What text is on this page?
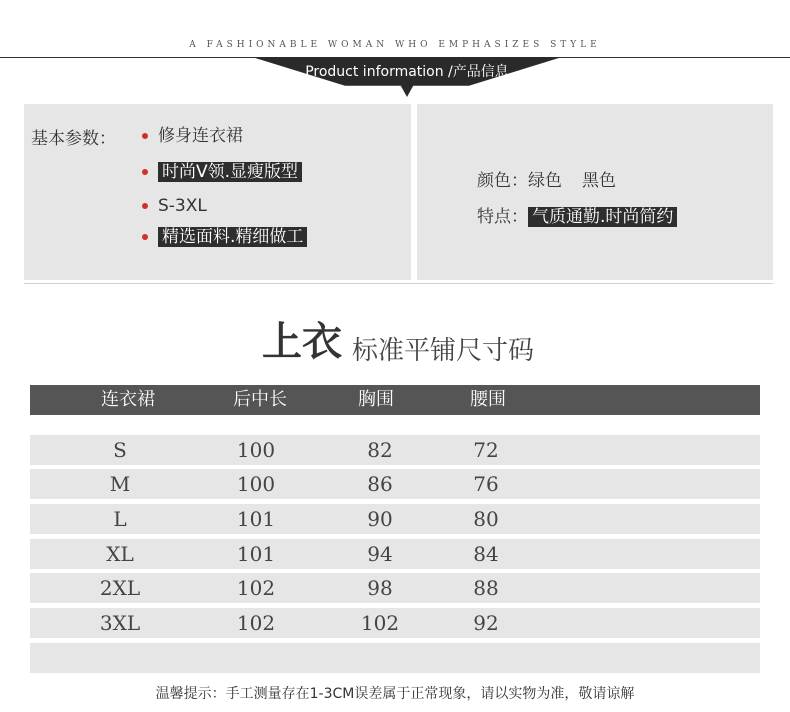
A FASHIONABLE WOMAN WHO EMPHASIZES STYLE
Product information /产品信息
基本参数：	修身连衣裙
时尚V领.显瘦版型
S-3XL
精选面料.精细做工
颜色：绿色 黑色
特点： 气质通勤.时尚简约
上衣 标准平铺尺寸码
连衣裙	后中长	胸围	腰围
S	100	82	72
M	100	86	76
L	101	90	80
XL	101	94	84
2XL	102	98	88
3XL	102	102	92
温馨提示：手工测量存在1-3CM误差属于正常现象，请以实物为准，敬请谅解
